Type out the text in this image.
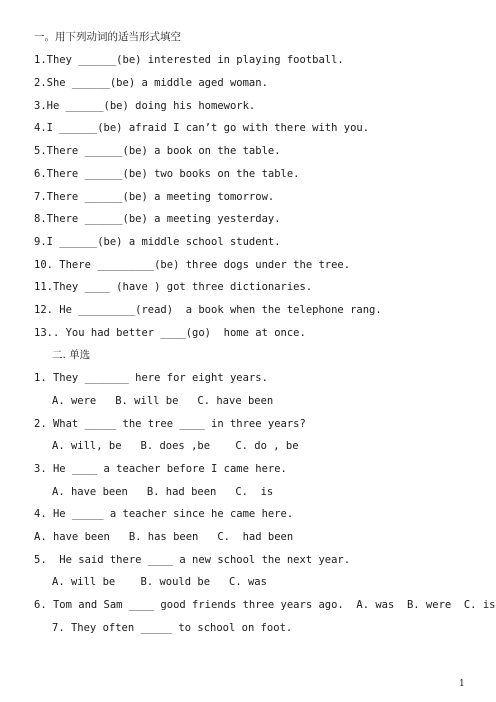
一。用下列动词的适当形式填空
1.They ______(be) interested in playing football.
2.She ______(be) a middle aged woman.
3.He ______(be) doing his homework.
4.I ______(be) afraid I can’t go with there with you.
5.There ______(be) a book on the table.
6.There ______(be) two books on the table.
7.There ______(be) a meeting tomorrow.
8.There ______(be) a meeting yesterday.
9.I ______(be) a middle school student.
10. There _________(be) three dogs under the tree.
11.They ____ (have ) got three dictionaries.
12. He _________(read)  a book when the telephone rang.
13.. You had better ____(go)  home at once.
二. 单选
1. They _______ here for eight years.
A. were   B. will be   C. have been
2. What _____ the tree ____ in three years?
A. will, be   B. does ,be    C. do , be
3. He ____ a teacher before I came here.
A. have been   B. had been   C.  is
4. He _____ a teacher since he came here.
A. have been   B. has been   C.  had been
5.  He said there ____ a new school the next year.
A. will be    B. would be   C. was
6. Tom and Sam ____ good friends three years ago.  A. was  B. were  C. is
7. They often _____ to school on foot.
1
